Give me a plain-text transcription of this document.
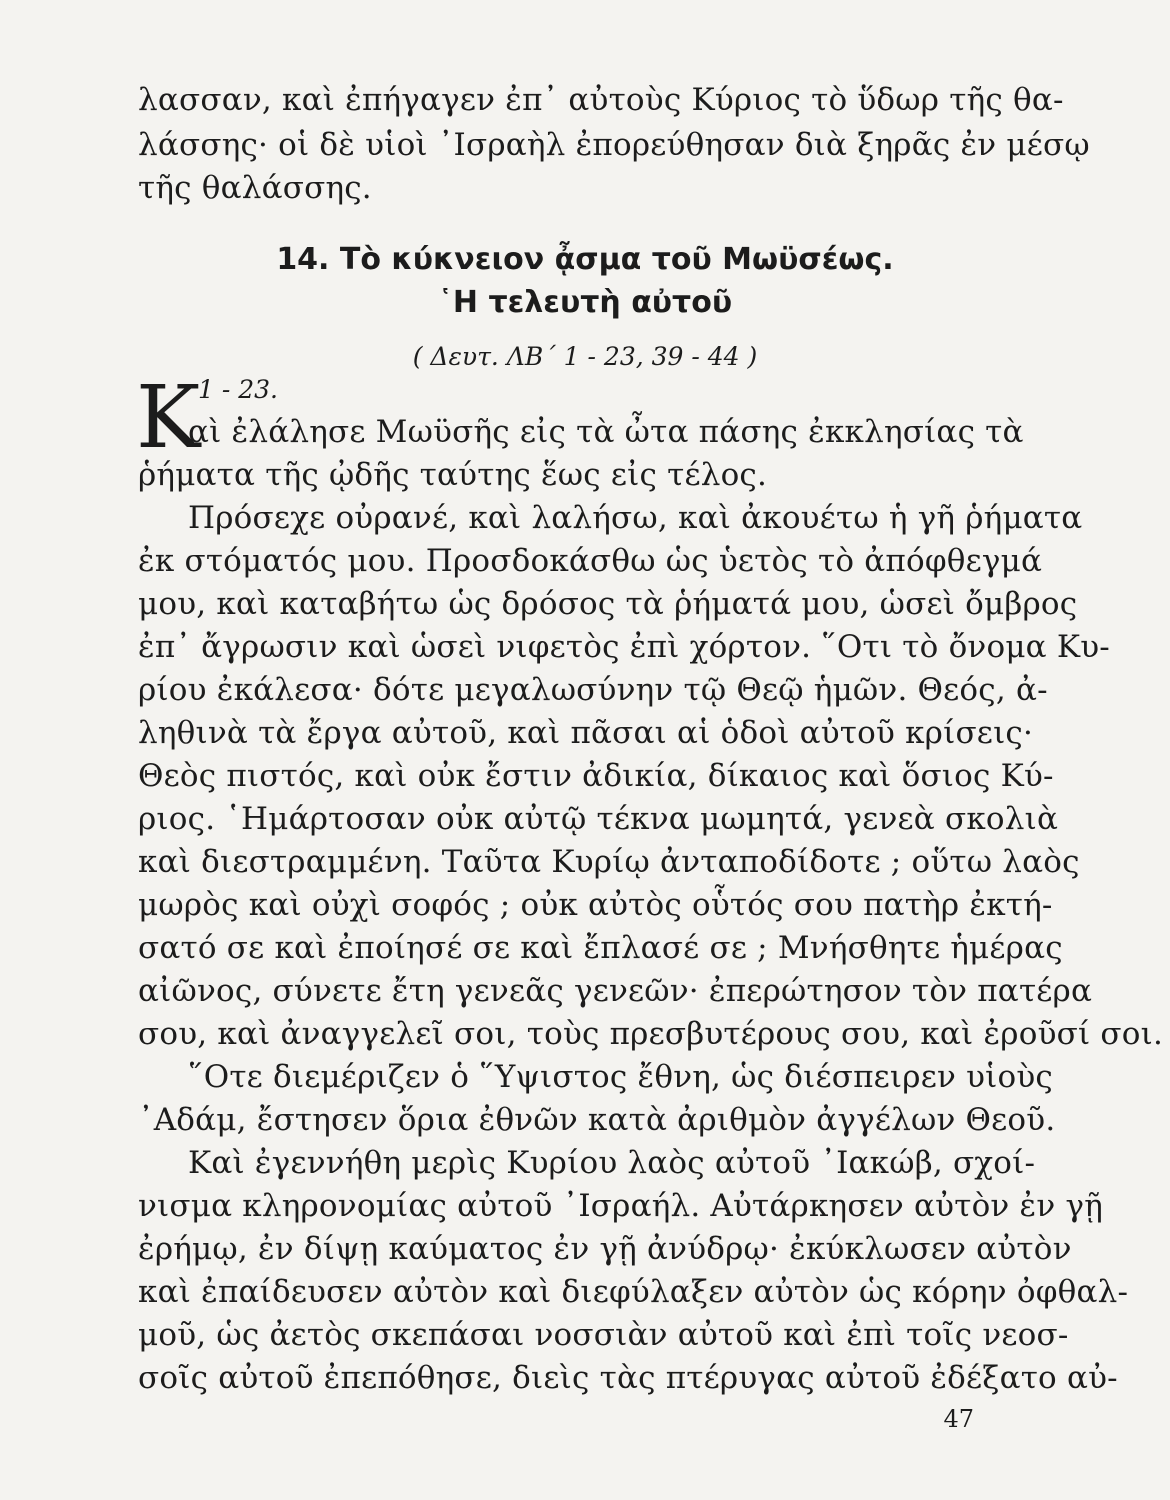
λασσαν, καὶ ἐπήγαγεν ἐπ᾽ αὐτοὺς Κύριος τὸ ὕδωρ τῆς θα-
λάσσης· οἱ δὲ υἱοὶ ᾿Ισραὴλ ἐπορεύθησαν διὰ ξηρᾶς ἐν μέσῳ
τῆς θαλάσσης.
14. Τὸ κύκνειον ᾆσμα τοῦ Μωϋσέως.
῾Η τελευτὴ αὐτοῦ
( Δευτ. ΛΒ΄ 1 - 23, 39 - 44 )
Κ
1 - 23.
αὶ ἐλάλησε Μωϋσῆς εἰς τὰ ὦτα πάσης ἐκκλησίας τὰ
ῥήματα τῆς ᾠδῆς ταύτης ἕως εἰς τέλος.
Πρόσεχε οὐρανέ, καὶ λαλήσω, καὶ ἀκουέτω ἡ γῆ ῥήματα
ἐκ στόματός μου. Προσδοκάσθω ὡς ὑετὸς τὸ ἀπόφθεγμά
μου, καὶ καταβήτω ὡς δρόσος τὰ ῥήματά μου, ὡσεὶ ὄμβρος
ἐπ᾽ ἄγρωσιν καὶ ὡσεὶ νιφετὸς ἐπὶ χόρτον. ῞Οτι τὸ ὄνομα Κυ-
ρίου ἐκάλεσα· δότε μεγαλωσύνην τῷ Θεῷ ἡμῶν. Θεός, ἀ-
ληθινὰ τὰ ἔργα αὐτοῦ, καὶ πᾶσαι αἱ ὁδοὶ αὐτοῦ κρίσεις·
Θεὸς πιστός, καὶ οὐκ ἔστιν ἀδικία, δίκαιος καὶ ὅσιος Κύ-
ριος. ῾Ημάρτοσαν οὐκ αὐτῷ τέκνα μωμητά, γενεὰ σκολιὰ
καὶ διεστραμμένη. Ταῦτα Κυρίῳ ἀνταποδίδοτε ; οὕτω λαὸς
μωρὸς καὶ οὐχὶ σοφός ; οὐκ αὐτὸς οὗτός σου πατὴρ ἐκτή-
σατό σε καὶ ἐποίησέ σε καὶ ἔπλασέ σε ; Μνήσθητε ἡμέρας
αἰῶνος, σύνετε ἔτη γενεᾶς γενεῶν· ἐπερώτησον τὸν πατέρα
σου, καὶ ἀναγγελεῖ σοι, τοὺς πρεσβυτέρους σου, καὶ ἐροῦσί σοι.
῞Οτε διεμέριζεν ὁ ῞Υψιστος ἔθνη, ὡς διέσπειρεν υἱοὺς
᾿Αδάμ, ἔστησεν ὅρια ἐθνῶν κατὰ ἀριθμὸν ἀγγέλων Θεοῦ.
Καὶ ἐγεννήθη μερὶς Κυρίου λαὸς αὐτοῦ ᾿Ιακώβ, σχοί-
νισμα κληρονομίας αὐτοῦ ᾿Ισραήλ. Αὐτάρκησεν αὐτὸν ἐν γῇ
ἐρήμῳ, ἐν δίψῃ καύματος ἐν γῇ ἀνύδρῳ· ἐκύκλωσεν αὐτὸν
καὶ ἐπαίδευσεν αὐτὸν καὶ διεφύλαξεν αὐτὸν ὡς κόρην ὀφθαλ-
μοῦ, ὡς ἀετὸς σκεπάσαι νοσσιὰν αὐτοῦ καὶ ἐπὶ τοῖς νεοσ-
σοῖς αὐτοῦ ἐπεπόθησε, διεὶς τὰς πτέρυγας αὐτοῦ ἐδέξατο αὐ-
47
